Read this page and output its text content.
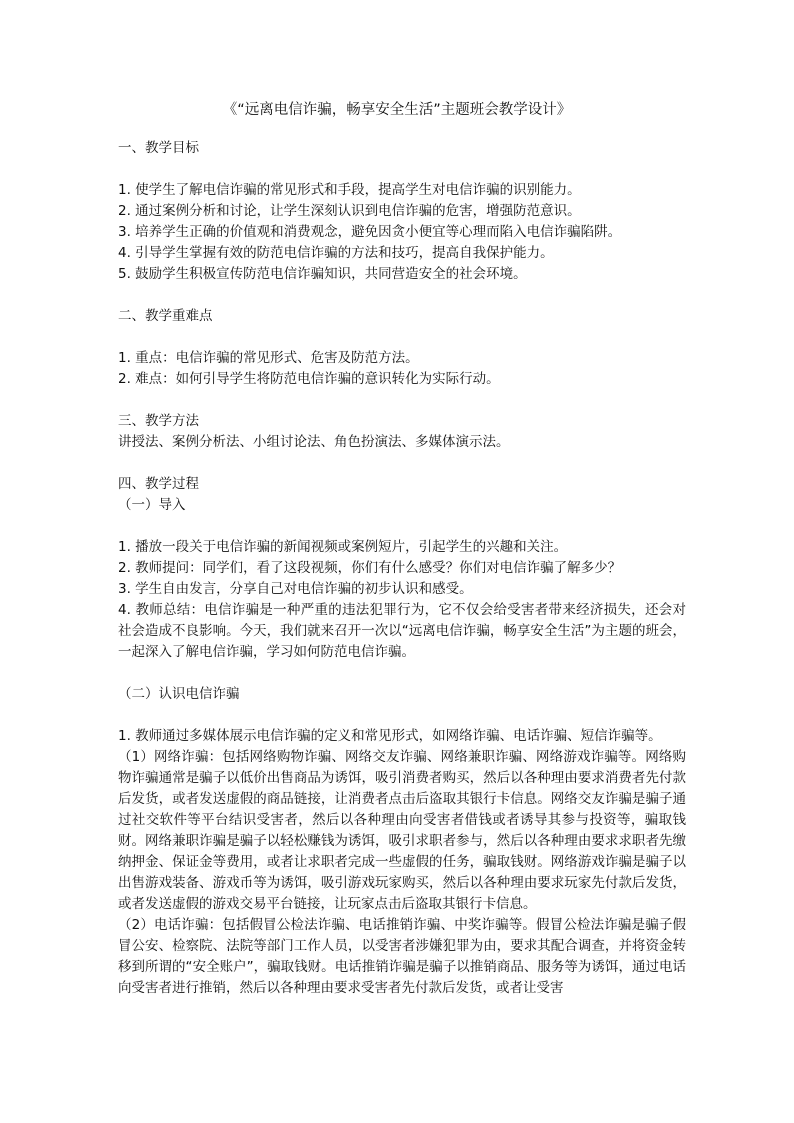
《“远离电信诈骗，畅享安全生活”主题班会教学设计》
一、教学目标
1. 使学生了解电信诈骗的常见形式和手段，提高学生对电信诈骗的识别能力。
2. 通过案例分析和讨论，让学生深刻认识到电信诈骗的危害，增强防范意识。
3. 培养学生正确的价值观和消费观念，避免因贪小便宜等心理而陷入电信诈骗陷阱。
4. 引导学生掌握有效的防范电信诈骗的方法和技巧，提高自我保护能力。
5. 鼓励学生积极宣传防范电信诈骗知识，共同营造安全的社会环境。
二、教学重难点
1. 重点：电信诈骗的常见形式、危害及防范方法。
2. 难点：如何引导学生将防范电信诈骗的意识转化为实际行动。
三、教学方法
讲授法、案例分析法、小组讨论法、角色扮演法、多媒体演示法。
四、教学过程
（一）导入
1. 播放一段关于电信诈骗的新闻视频或案例短片，引起学生的兴趣和关注。
2. 教师提问：同学们，看了这段视频，你们有什么感受？你们对电信诈骗了解多少？
3. 学生自由发言，分享自己对电信诈骗的初步认识和感受。
4. 教师总结：电信诈骗是一种严重的违法犯罪行为，它不仅会给受害者带来经济损失，还会对社会造成不良影响。今天，我们就来召开一次以“远离电信诈骗，畅享安全生活”为主题的班会，一起深入了解电信诈骗，学习如何防范电信诈骗。
（二）认识电信诈骗
1. 教师通过多媒体展示电信诈骗的定义和常见形式，如网络诈骗、电话诈骗、短信诈骗等。
（1）网络诈骗：包括网络购物诈骗、网络交友诈骗、网络兼职诈骗、网络游戏诈骗等。网络购物诈骗通常是骗子以低价出售商品为诱饵，吸引消费者购买，然后以各种理由要求消费者先付款后发货，或者发送虚假的商品链接，让消费者点击后盗取其银行卡信息。网络交友诈骗是骗子通过社交软件等平台结识受害者，然后以各种理由向受害者借钱或者诱导其参与投资等，骗取钱财。网络兼职诈骗是骗子以轻松赚钱为诱饵，吸引求职者参与，然后以各种理由要求求职者先缴纳押金、保证金等费用，或者让求职者完成一些虚假的任务，骗取钱财。网络游戏诈骗是骗子以出售游戏装备、游戏币等为诱饵，吸引游戏玩家购买，然后以各种理由要求玩家先付款后发货，或者发送虚假的游戏交易平台链接，让玩家点击后盗取其银行卡信息。
（2）电话诈骗：包括假冒公检法诈骗、电话推销诈骗、中奖诈骗等。假冒公检法诈骗是骗子假冒公安、检察院、法院等部门工作人员，以受害者涉嫌犯罪为由，要求其配合调查，并将资金转移到所谓的“安全账户”，骗取钱财。电话推销诈骗是骗子以推销商品、服务等为诱饵，通过电话向受害者进行推销，然后以各种理由要求受害者先付款后发货，或者让受害
